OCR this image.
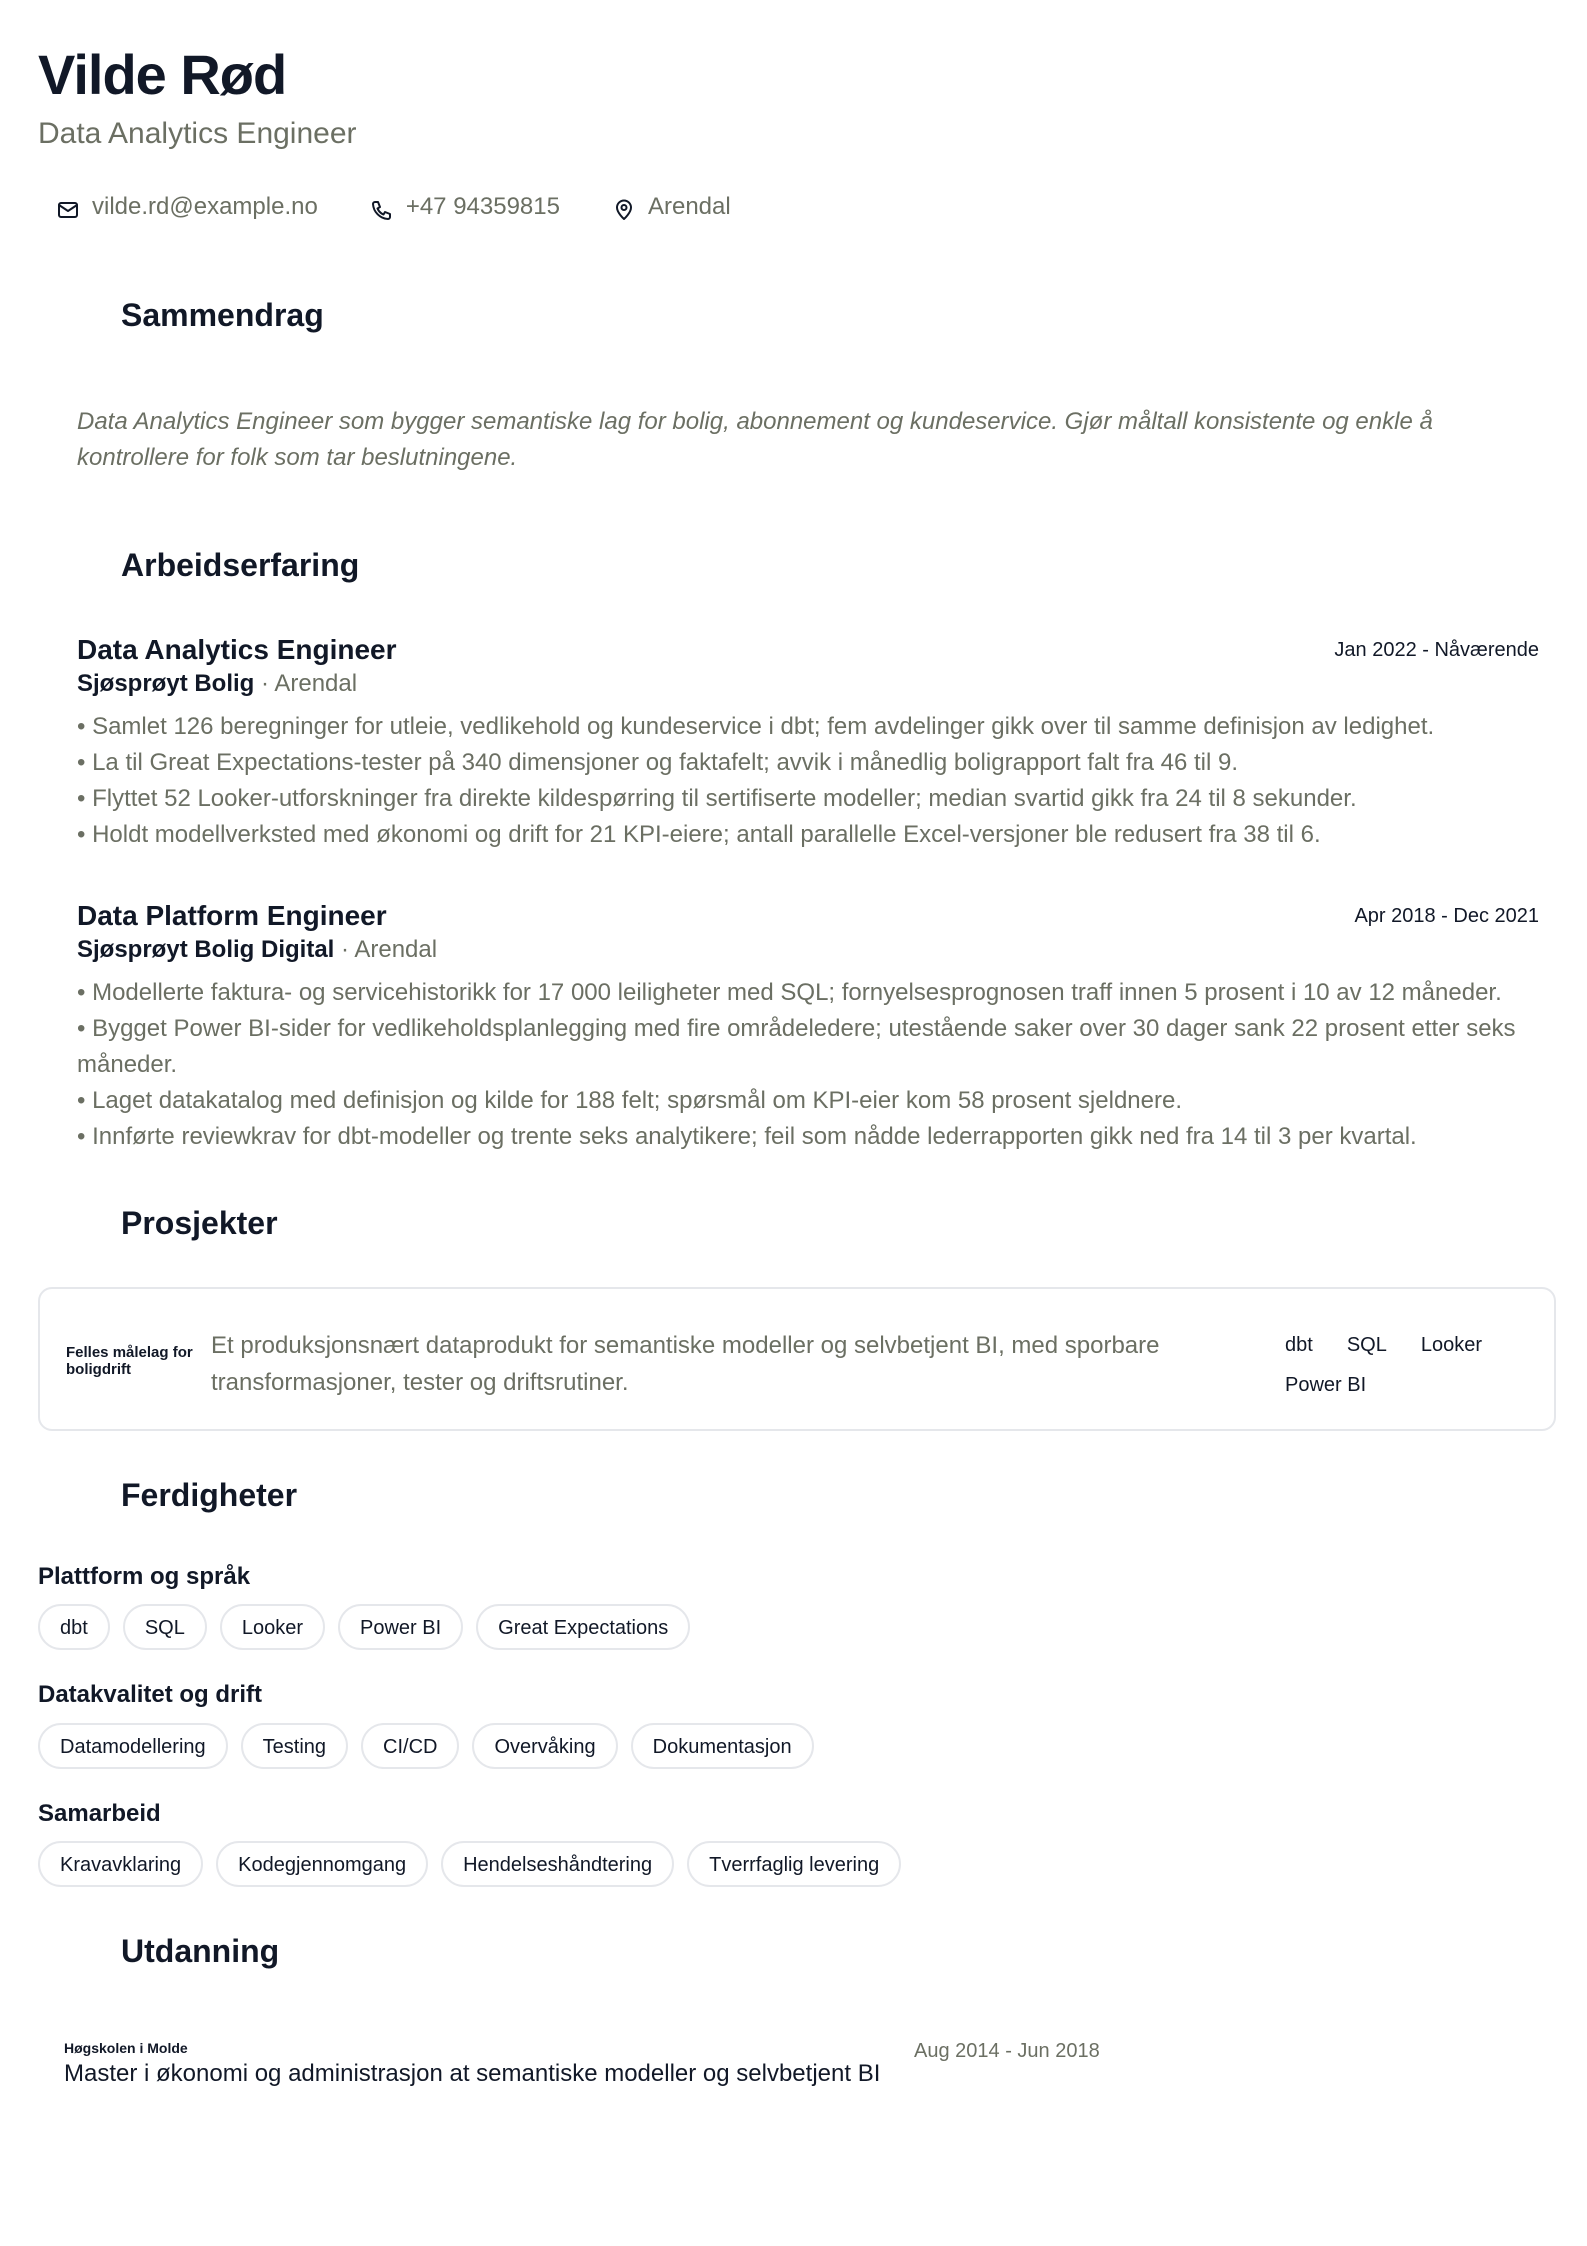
Vilde Rød
Data Analytics Engineer
vilde.rd@example.no	+47 94359815	Arendal
Sammendrag
Data Analytics Engineer som bygger semantiske lag for bolig, abonnement og kundeservice. Gjør måltall konsistente og enkle å kontrollere for folk som tar beslutningene.
Arbeidserfaring
Data Analytics Engineer	Jan 2022 - Nåværende
Sjøsprøyt Bolig · Arendal
• Samlet 126 beregninger for utleie, vedlikehold og kundeservice i dbt; fem avdelinger gikk over til samme definisjon av ledighet.
• La til Great Expectations-tester på 340 dimensjoner og faktafelt; avvik i månedlig boligrapport falt fra 46 til 9.
• Flyttet 52 Looker-utforskninger fra direkte kildespørring til sertifiserte modeller; median svartid gikk fra 24 til 8 sekunder.
• Holdt modellverksted med økonomi og drift for 21 KPI-eiere; antall parallelle Excel-versjoner ble redusert fra 38 til 6.
Data Platform Engineer	Apr 2018 - Dec 2021
Sjøsprøyt Bolig Digital · Arendal
• Modellerte faktura- og servicehistorikk for 17 000 leiligheter med SQL; fornyelsesprognosen traff innen 5 prosent i 10 av 12 måneder.
• Bygget Power BI-sider for vedlikeholdsplanlegging med fire områdeledere; utestående saker over 30 dager sank 22 prosent etter seks måneder.
• Laget datakatalog med definisjon og kilde for 188 felt; spørsmål om KPI-eier kom 58 prosent sjeldnere.
• Innførte reviewkrav for dbt-modeller og trente seks analytikere; feil som nådde lederrapporten gikk ned fra 14 til 3 per kvartal.
Prosjekter
Felles målelag for boligdrift
Et produksjonsnært dataprodukt for semantiske modeller og selvbetjent BI, med sporbare transformasjoner, tester og driftsrutiner.
dbt SQL Looker
Power BI
Ferdigheter
Plattform og språk
dbt	SQL	Looker	Power BI	Great Expectations
Datakvalitet og drift
Datamodellering	Testing	CI/CD	Overvåking	Dokumentasjon
Samarbeid
Kravavklaring	Kodegjennomgang	Hendelseshåndtering	Tverrfaglig levering
Utdanning
Høgskolen i Molde
Master i økonomi og administrasjon at semantiske modeller og selvbetjent BI
Aug 2014 - Jun 2018
